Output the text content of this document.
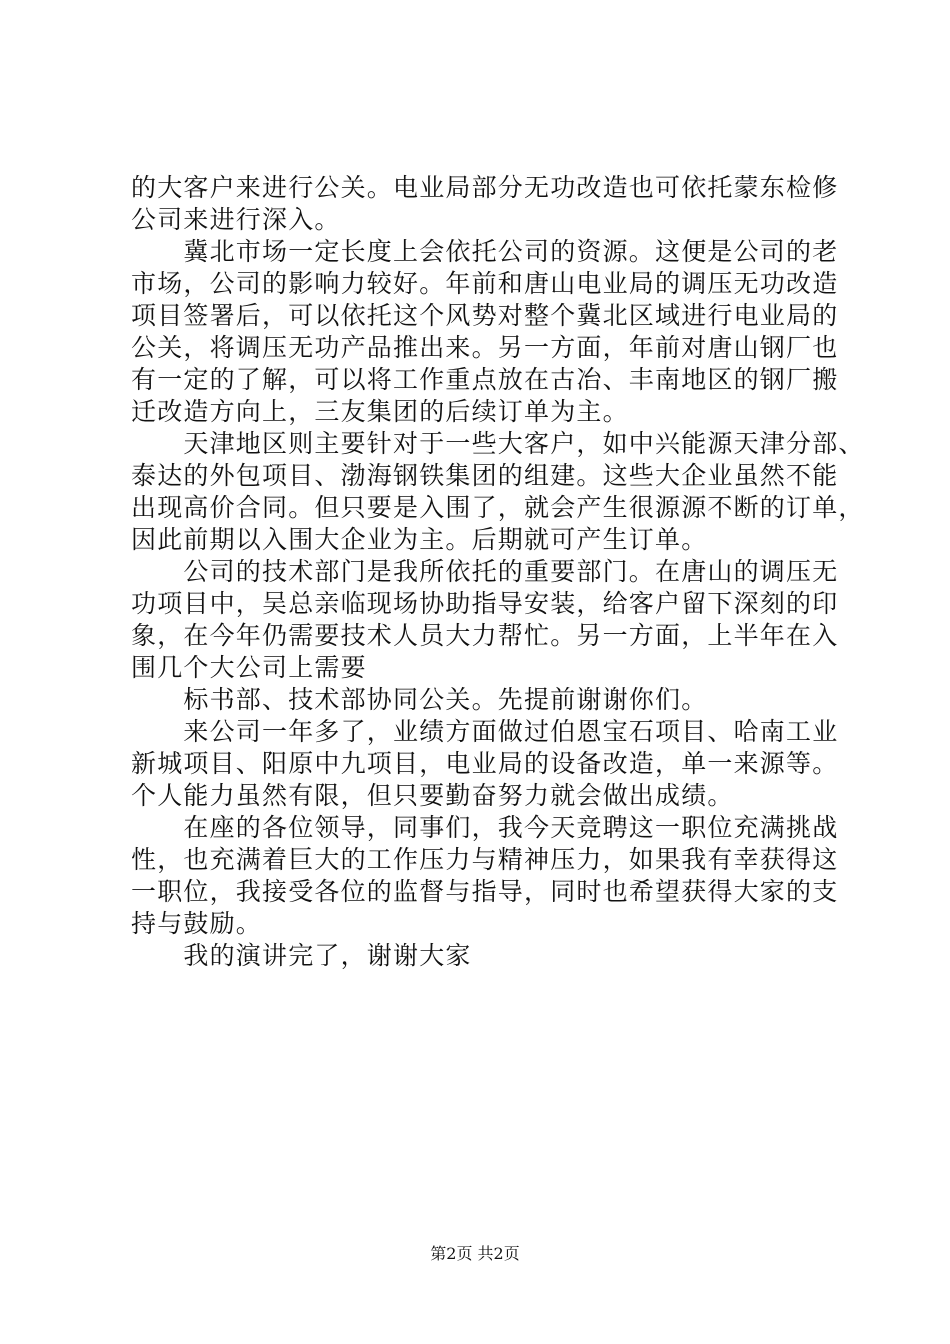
的大客户来进行公关。电业局部分无功改造也可依托蒙东检修
公司来进行深入。
　　冀北市场一定长度上会依托公司的资源。这便是公司的老
市场，公司的影响力较好。年前和唐山电业局的调压无功改造
项目签署后，可以依托这个风势对整个冀北区域进行电业局的
公关，将调压无功产品推出来。另一方面，年前对唐山钢厂也
有一定的了解，可以将工作重点放在古冶、丰南地区的钢厂搬
迁改造方向上，三友集团的后续订单为主。
　　天津地区则主要针对于一些大客户，如中兴能源天津分部、
泰达的外包项目、渤海钢铁集团的组建。这些大企业虽然不能
出现高价合同。但只要是入围了，就会产生很源源不断的订单，
因此前期以入围大企业为主。后期就可产生订单。
　　公司的技术部门是我所依托的重要部门。在唐山的调压无
功项目中，吴总亲临现场协助指导安装，给客户留下深刻的印
象，在今年仍需要技术人员大力帮忙。另一方面，上半年在入
围几个大公司上需要
　　标书部、技术部协同公关。先提前谢谢你们。
　　来公司一年多了，业绩方面做过伯恩宝石项目、哈南工业
新城项目、阳原中九项目，电业局的设备改造，单一来源等。
个人能力虽然有限，但只要勤奋努力就会做出成绩。
　　在座的各位领导，同事们，我今天竞聘这一职位充满挑战
性，也充满着巨大的工作压力与精神压力，如果我有幸获得这
一职位，我接受各位的监督与指导，同时也希望获得大家的支
持与鼓励。
　　我的演讲完了，谢谢大家
第2页 共2页
